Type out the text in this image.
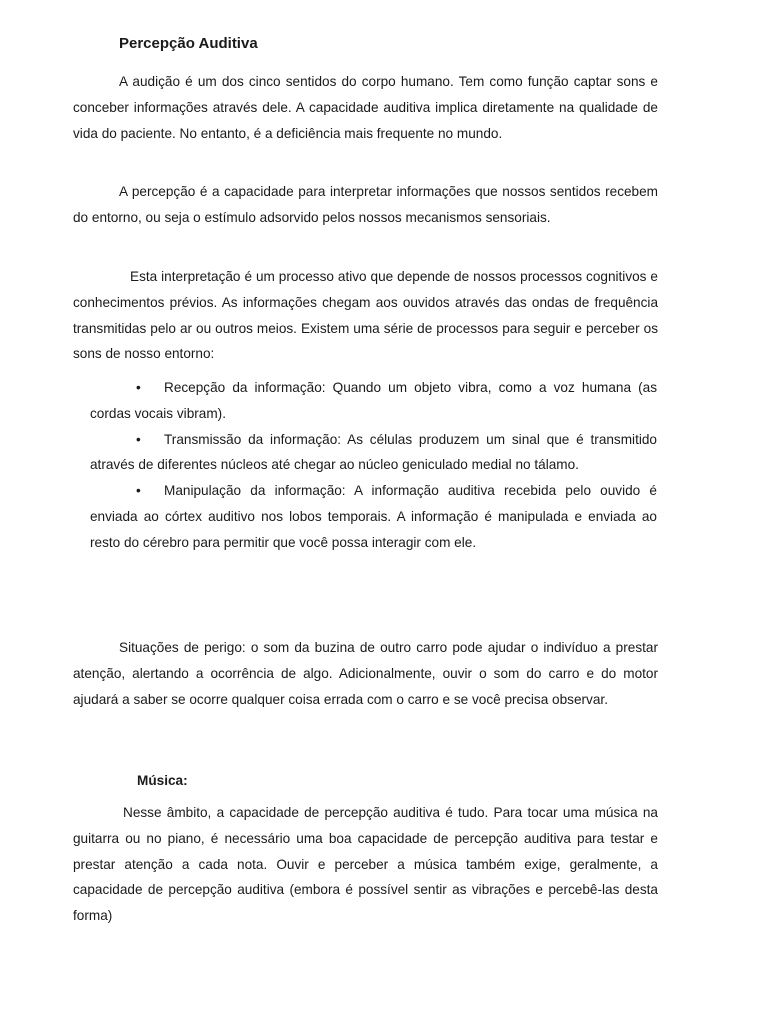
Percepção Auditiva

A audição é um dos cinco sentidos do corpo humano. Tem como função captar sons e conceber informações através dele. A capacidade auditiva implica diretamente na qualidade de vida do paciente. No entanto, é a deficiência mais frequente no mundo.

A percepção é a capacidade para interpretar informações que nossos sentidos recebem do entorno, ou seja o estímulo adsorvido pelos nossos mecanismos sensoriais.

Esta interpretação é um processo ativo que depende de nossos processos cognitivos e conhecimentos prévios. As informações chegam aos ouvidos através das ondas de frequência transmitidas pelo ar ou outros meios. Existem uma série de processos para seguir e perceber os sons de nosso entorno:

• Recepção da informação: Quando um objeto vibra, como a voz humana (as cordas vocais vibram).
• Transmissão da informação: As células produzem um sinal que é transmitido através de diferentes núcleos até chegar ao núcleo geniculado medial no tálamo.
• Manipulação da informação: A informação auditiva recebida pelo ouvido é enviada ao córtex auditivo nos lobos temporais. A informação é manipulada e enviada ao resto do cérebro para permitir que você possa interagir com ele.

Situações de perigo: o som da buzina de outro carro pode ajudar o indivíduo a prestar atenção, alertando a ocorrência de algo. Adicionalmente, ouvir o som do carro e do motor ajudará a saber se ocorre qualquer coisa errada com o carro e se você precisa observar.

Música:

Nesse âmbito, a capacidade de percepção auditiva é tudo. Para tocar uma música na guitarra ou no piano, é necessário uma boa capacidade de percepção auditiva para testar e prestar atenção a cada nota. Ouvir e perceber a música também exige, geralmente, a capacidade de percepção auditiva (embora é possível sentir as vibrações e percebê-las desta forma)
